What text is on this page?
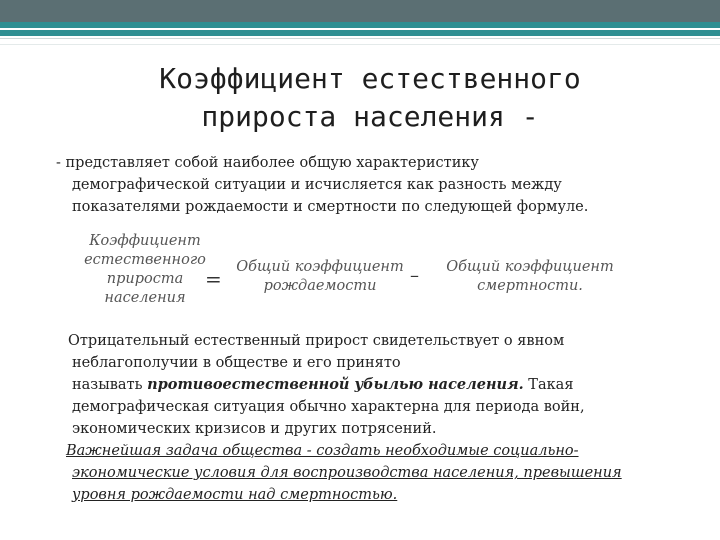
Коэффициент естественного
прироста населения -
- представляет собой наиболее общую характеристику

демографической ситуации и исчисляется как разность между
показателями рождаемости и смертности по следующей формуле.
Коэффициент
естественного
прироста
населения
=	Общий коэффициент
рождаемости	–	Общий коэффициент
смертности.
Отрицательный естественный прирост свидетельствует о явном
неблагополучии в обществе и его принято
называть противоестественной убылью населения. Такая
демографическая ситуация обычно характерна для периода войн,
экономических кризисов и других потрясений.
Важнейшая задача общества - создать необходимые социально-
экономические условия для воспроизводства населения, превышения
уровня рождаемости над смертностью.
